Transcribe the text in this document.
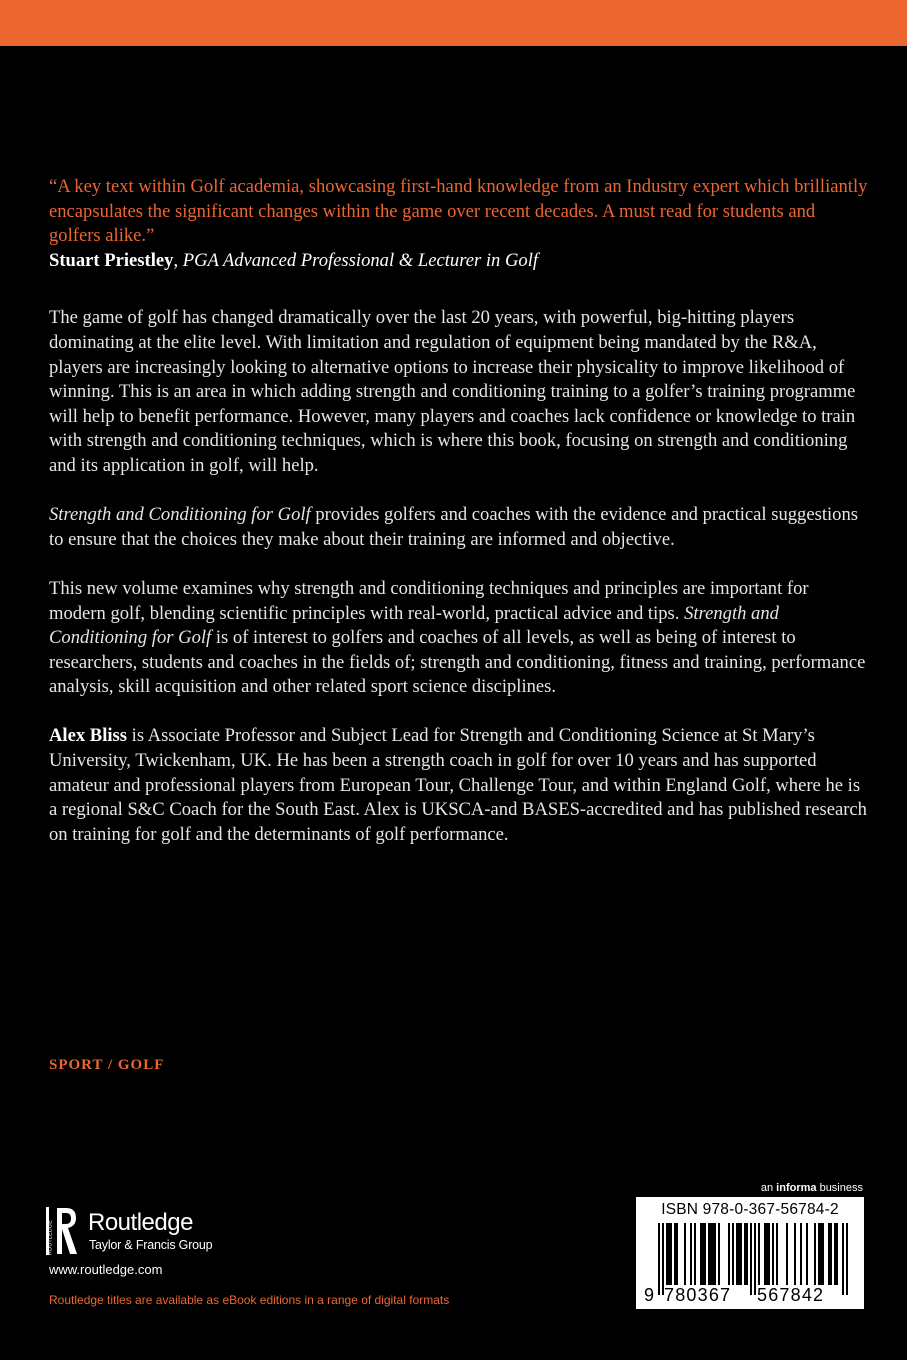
“A key text within Golf academia, showcasing first-hand knowledge from an Industry expert which brilliantly encapsulates the significant changes within the game over recent decades. A must read for students and golfers alike.”

Stuart Priestley, PGA Advanced Professional & Lecturer in Golf

The game of golf has changed dramatically over the last 20 years, with powerful, big-hitting players dominating at the elite level. With limitation and regulation of equipment being mandated by the R&A, players are increasingly looking to alternative options to increase their physicality to improve likelihood of winning. This is an area in which adding strength and conditioning training to a golfer’s training programme will help to benefit performance. However, many players and coaches lack confidence or knowledge to train with strength and conditioning techniques, which is where this book, focusing on strength and conditioning and its application in golf, will help.

Strength and Conditioning for Golf provides golfers and coaches with the evidence and practical suggestions to ensure that the choices they make about their training are informed and objective.

This new volume examines why strength and conditioning techniques and principles are important for modern golf, blending scientific principles with real-world, practical advice and tips. Strength and Conditioning for Golf is of interest to golfers and coaches of all levels, as well as being of interest to researchers, students and coaches in the fields of; strength and conditioning, fitness and training, performance analysis, skill acquisition and other related sport science disciplines.

Alex Bliss is Associate Professor and Subject Lead for Strength and Conditioning Science at St Mary’s University, Twickenham, UK. He has been a strength coach in golf for over 10 years and has supported amateur and professional players from European Tour, Challenge Tour, and within England Golf, where he is a regional S&C Coach for the South East. Alex is UKSCA-and BASES-accredited and has published research on training for golf and the determinants of golf performance.

SPORT / GOLF
ROUTLEDGE Routledge
Taylor & Francis Group
www.routledge.com
Routledge titles are available as eBook editions in a range of digital formats
an informa business
ISBN 978-0-367-56784-2
9 780367 567842
